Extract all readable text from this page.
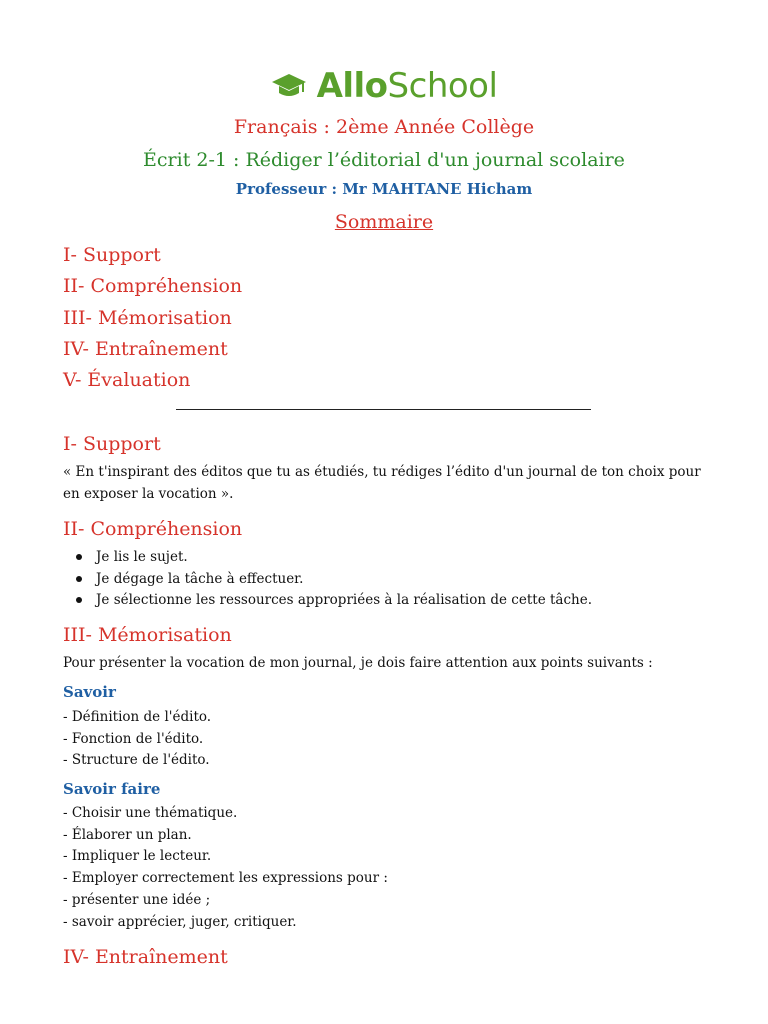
AlloSchool
Français : 2ème Année Collège
Écrit 2-1 : Rédiger l’éditorial d'un journal scolaire
Professeur : Mr MAHTANE Hicham
Sommaire
I- Support
II- Compréhension
III- Mémorisation
IV- Entraînement
V- Évaluation
I- Support
« En t'inspirant des éditos que tu as étudiés, tu rédiges l’édito d'un journal de ton choix pour en exposer la vocation ».
II- Compréhension
Je lis le sujet.
Je dégage la tâche à effectuer.
Je sélectionne les ressources appropriées à la réalisation de cette tâche.
III- Mémorisation
Pour présenter la vocation de mon journal, je dois faire attention aux points suivants :
Savoir
- Définition de l'édito.
- Fonction de l'édito.
- Structure de l'édito.
Savoir faire
- Choisir une thématique.
- Élaborer un plan.
- Impliquer le lecteur.
- Employer correctement les expressions pour :
- présenter une idée ;
- savoir apprécier, juger, critiquer.
IV- Entraînement
